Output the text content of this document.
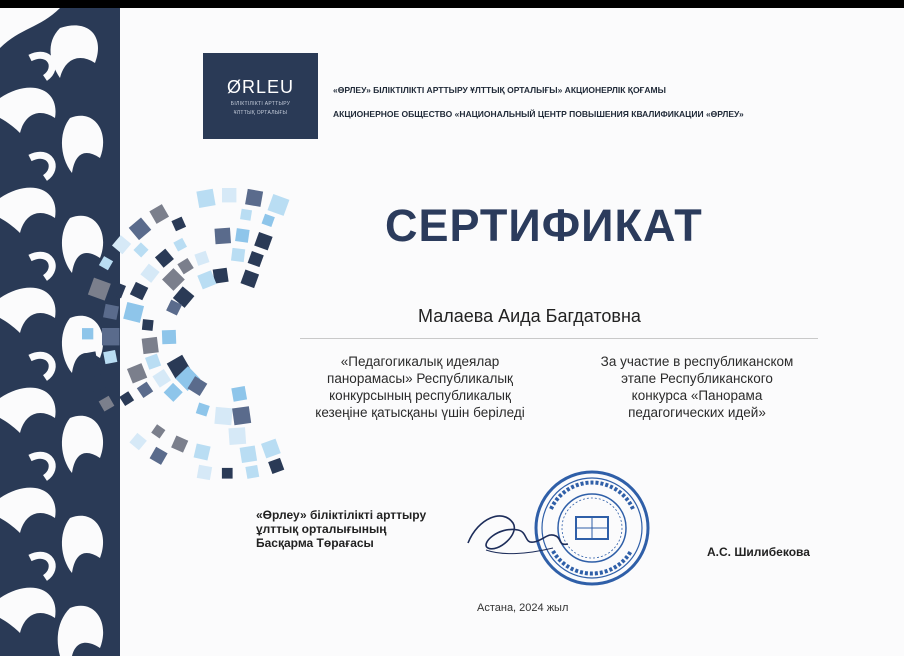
ØRLEU
БІЛІКТІЛІКТІ АРТТЫРУ
ҰЛТТЫҚ ОРТАЛЫҒЫ
«ӨРЛЕУ» БІЛІКТІЛІКТІ АРТТЫРУ ҰЛТТЫҚ ОРТАЛЫҒЫ» АКЦИОНЕРЛІК ҚОҒАМЫ
АКЦИОНЕРНОЕ ОБЩЕСТВО «НАЦИОНАЛЬНЫЙ ЦЕНТР ПОВЫШЕНИЯ КВАЛИФИКАЦИИ «ӨРЛЕУ»
СЕРТИФИКАТ
Малаева Аида Багдатовна
«Педагогикалық идеялар
панорамасы» Республикалық
конкурсының республикалық
кезеңіне қатысқаны үшін беріледі
За участие в республиканском
этапе Республиканского
конкурса «Панорама
педагогических идей»
«Өрлеу» біліктілікті арттыру
ұлттық орталығының
Басқарма Төрағасы
А.С. Шилибекова
Астана, 2024 жыл
